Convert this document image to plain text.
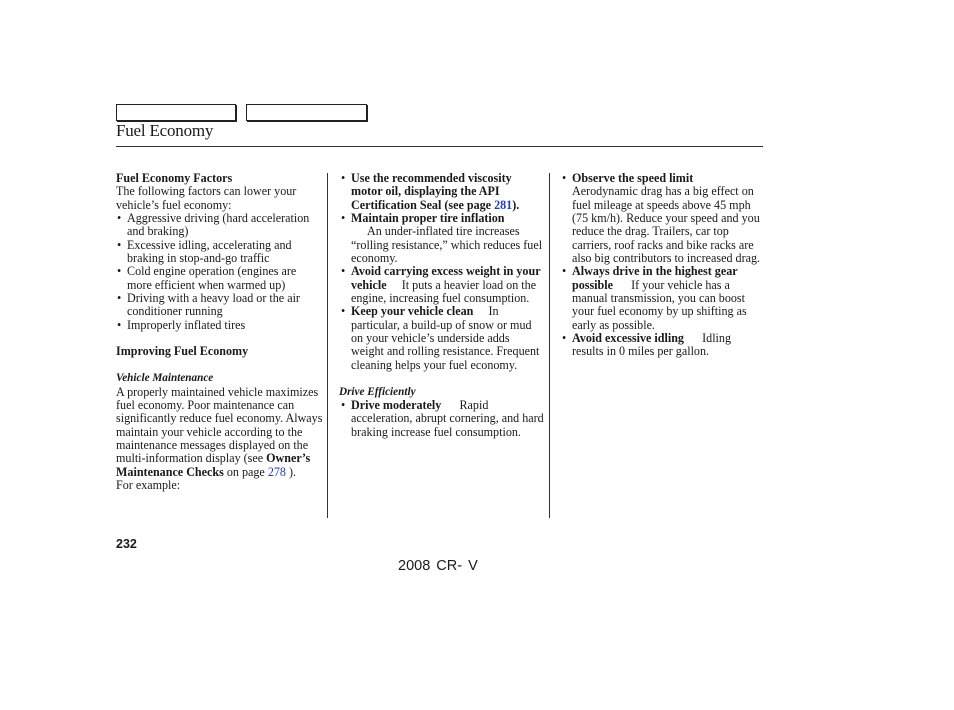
Fuel Economy

Fuel Economy Factors

The following factors can lower your vehicle’s fuel economy:

• Aggressive driving (hard acceleration and braking)

• Excessive idling, accelerating and braking in stop-and-go traffic

• Cold engine operation (engines are more efficient when warmed up)

• Driving with a heavy load or the air conditioner running

• Improperly inflated tires

Improving Fuel Economy

Vehicle Maintenance

A properly maintained vehicle maximizes fuel economy. Poor maintenance can significantly reduce fuel economy. Always maintain your vehicle according to the maintenance messages displayed on the multi-information display (see Owner’s Maintenance Checks on page 278 ).

For example:

• Use the recommended viscosity motor oil, displaying the API Certification Seal (see page 281).

• Maintain proper tire inflation
An under-inflated tire increases “rolling resistance,” which reduces fuel economy.

• Avoid carrying excess weight in your vehicle It puts a heavier load on the engine, increasing fuel consumption.

• Keep your vehicle clean In particular, a build-up of snow or mud on your vehicle’s underside adds weight and rolling resistance. Frequent cleaning helps your fuel economy.

Drive Efficiently

• Drive moderately Rapid acceleration, abrupt cornering, and hard braking increase fuel consumption.

• Observe the speed limit
Aerodynamic drag has a big effect on fuel mileage at speeds above 45 mph (75 km/h). Reduce your speed and you reduce the drag. Trailers, car top carriers, roof racks and bike racks are also big contributors to increased drag.

• Always drive in the highest gear possible If your vehicle has a manual transmission, you can boost your fuel economy by up shifting as early as possible.

• Avoid excessive idling Idling results in 0 miles per gallon.

232
2008 CR- V
